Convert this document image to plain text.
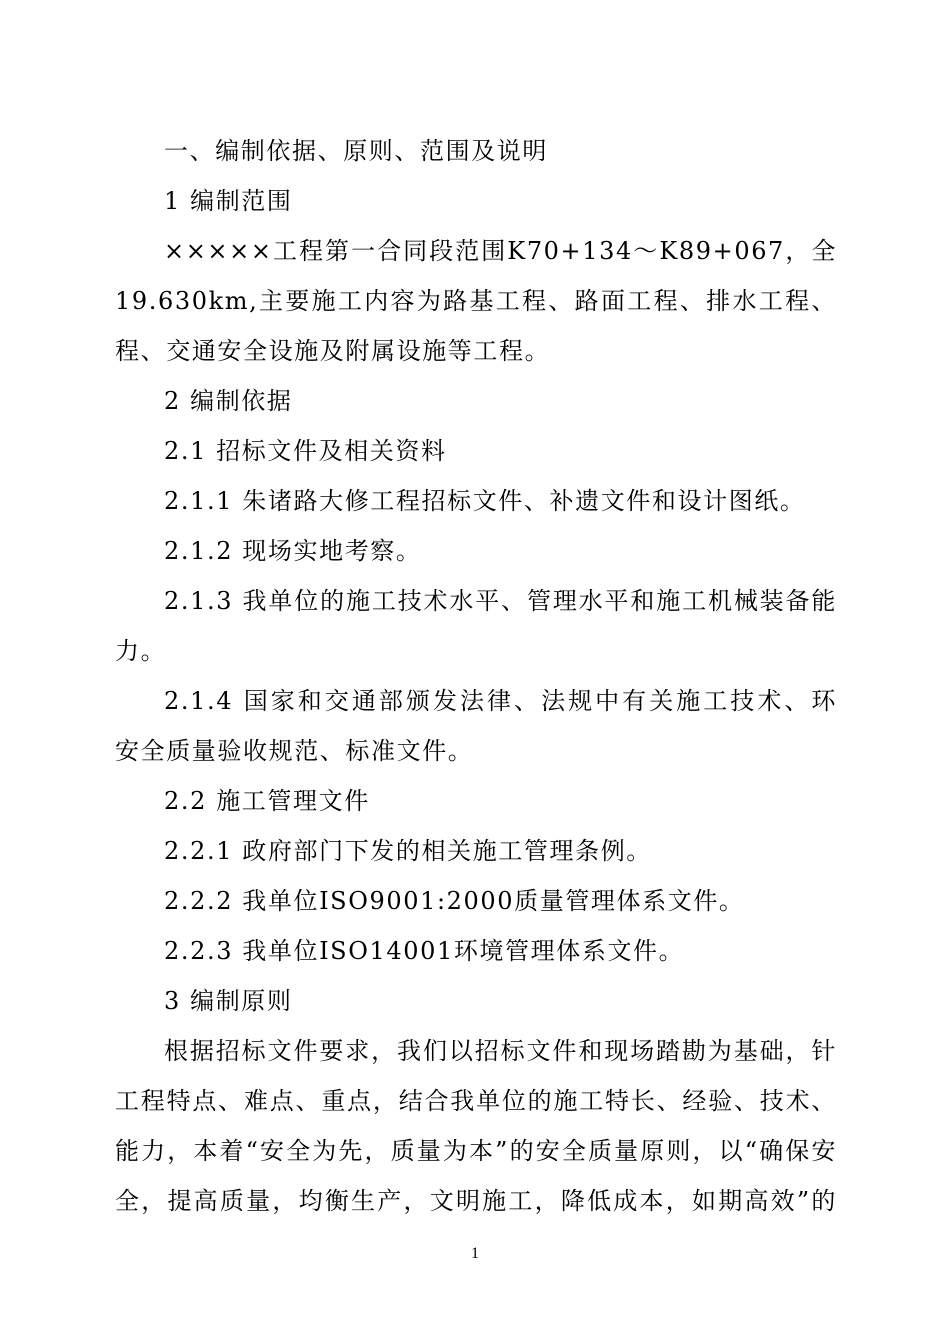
一、编制依据、原则、范围及说明
1 编制范围
×××××工程第一合同段范围K70+134～K89+067，全
19.630km,主要施工内容为路基工程、路面工程、排水工程、
程、交通安全设施及附属设施等工程。
2 编制依据
2.1 招标文件及相关资料
2.1.1 朱诸路大修工程招标文件、补遗文件和设计图纸。
2.1.2 现场实地考察。
2.1.3 我单位的施工技术水平、管理水平和施工机械装备能
力。
2.1.4 国家和交通部颁发法律、法规中有关施工技术、环
安全质量验收规范、标准文件。
2.2 施工管理文件
2.2.1 政府部门下发的相关施工管理条例。
2.2.2 我单位ISO9001:2000质量管理体系文件。
2.2.3 我单位ISO14001环境管理体系文件。
3 编制原则
根据招标文件要求，我们以招标文件和现场踏勘为基础，针
工程特点、难点、重点，结合我单位的施工特长、经验、技术、
能力，本着“安全为先，质量为本”的安全质量原则，以“确保安
全，提高质量，均衡生产，文明施工，降低成本，如期高效”的
1
